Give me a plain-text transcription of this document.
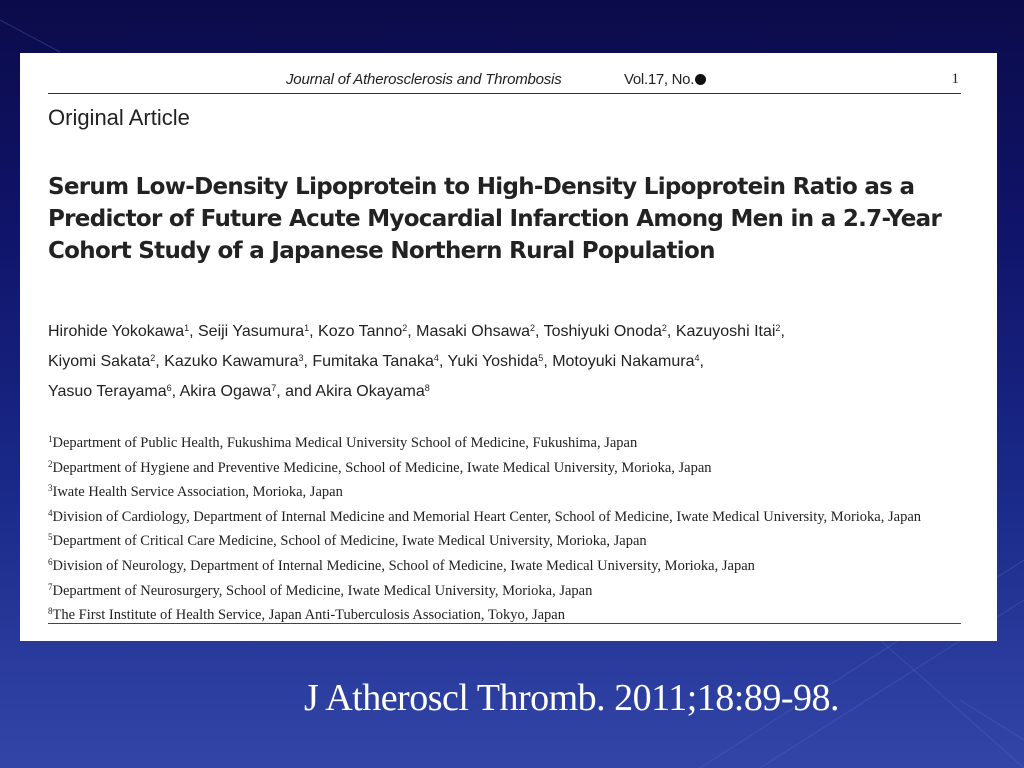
Journal of Atherosclerosis and Thrombosis	Vol.17, No.	1
Original Article
Serum Low-Density Lipoprotein to High-Density Lipoprotein Ratio as a Predictor of Future Acute Myocardial Infarction Among Men in a 2.7-Year Cohort Study of a Japanese Northern Rural Population
Hirohide Yokokawa$^1$, Seiji Yasumura$^1$, Kozo Tanno$^2$, Masaki Ohsawa$^2$, Toshiyuki Onoda$^2$, Kazuyoshi Itai$^2$,
Kiyomi Sakata$^2$, Kazuko Kawamura$^3$, Fumitaka Tanaka$^4$, Yuki Yoshida$^5$, Motoyuki Nakamura$^4$,
Yasuo Terayama$^6$, Akira Ogawa$^7$, and Akira Okayama$^8$
$^1$Department of Public Health, Fukushima Medical University School of Medicine, Fukushima, Japan
$^2$Department of Hygiene and Preventive Medicine, School of Medicine, Iwate Medical University, Morioka, Japan
$^3$Iwate Health Service Association, Morioka, Japan
$^4$Division of Cardiology, Department of Internal Medicine and Memorial Heart Center, School of Medicine, Iwate Medical University, Morioka, Japan
$^5$Department of Critical Care Medicine, School of Medicine, Iwate Medical University, Morioka, Japan
$^6$Division of Neurology, Department of Internal Medicine, School of Medicine, Iwate Medical University, Morioka, Japan
$^7$Department of Neurosurgery, School of Medicine, Iwate Medical University, Morioka, Japan
$^8$The First Institute of Health Service, Japan Anti-Tuberculosis Association, Tokyo, Japan
J Atheroscl Thromb. 2011;18:89-98.
